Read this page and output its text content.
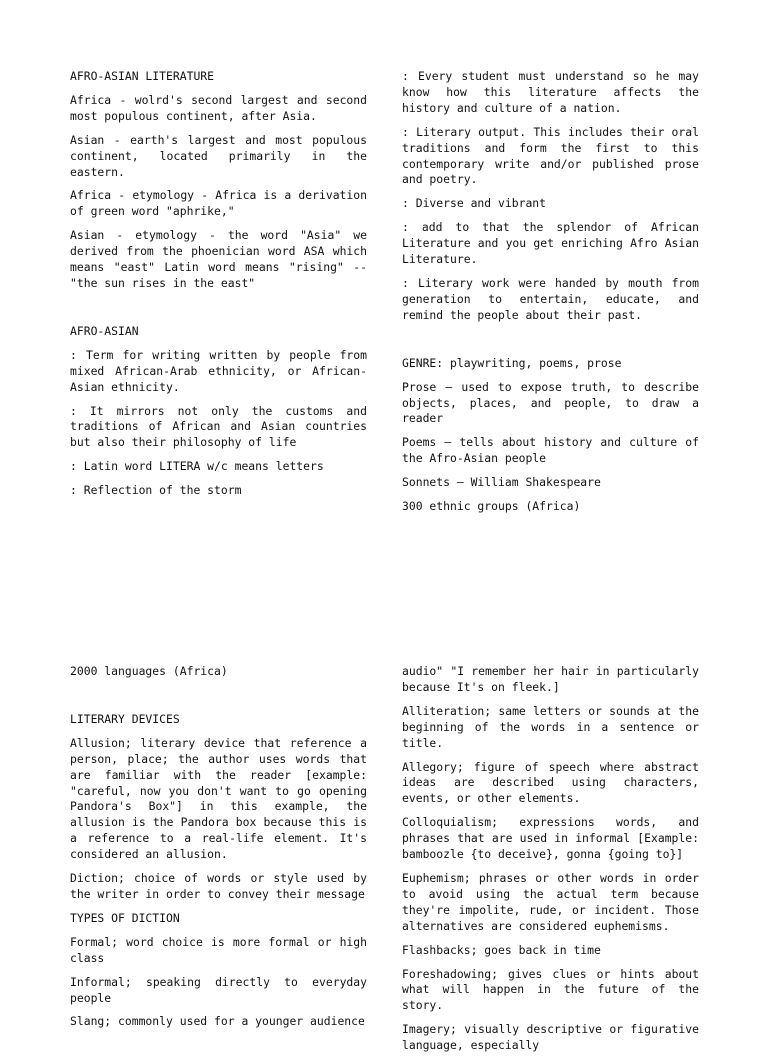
AFRO-ASIAN LITERATURE

Africa - wolrd's second largest and second most populous continent, after Asia.

Asian - earth's largest and most populous continent, located primarily in the eastern.

Africa - etymology - Africa is a derivation of green word "aphrike,"

Asian - etymology - the word "Asia" we derived from the phoenician word ASA which means "east" Latin word means "rising" -- "the sun rises in the east"

AFRO-ASIAN

: Term for writing written by people from mixed African-Arab ethnicity, or African-Asian ethnicity.

: It mirrors not only the customs and traditions of African and Asian countries but also their philosophy of life

: Latin word LITERA w/c means letters

: Reflection of the storm

: Every student must understand so he may know how this literature affects the history and culture of a nation.

: Literary output. This includes their oral traditions and form the first to this contemporary write and/or published prose and poetry.

: Diverse and vibrant

: add to that the splendor of African Literature and you get enriching Afro Asian Literature.

: Literary work were handed by mouth from generation to entertain, educate, and remind the people about their past.

GENRE: playwriting, poems, prose

Prose – used to expose truth, to describe objects, places, and people, to draw a reader

Poems – tells about history and culture of the Afro-Asian people

Sonnets – William Shakespeare

300 ethnic groups (Africa)

2000 languages (Africa)

LITERARY DEVICES

Allusion; literary device that reference a person, place; the author uses words that are familiar with the reader [example: "careful, now you don't want to go opening Pandora's Box"] in this example, the allusion is the Pandora box because this is a reference to a real-life element. It's considered an allusion.

Diction; choice of words or style used by the writer in order to convey their message

TYPES OF DICTION

Formal; word choice is more formal or high class

Informal; speaking directly to everyday people

Slang; commonly used for a younger audience

audio" "I remember her hair in particularly because It's on fleek.]

Alliteration; same letters or sounds at the beginning of the words in a sentence or title.

Allegory; figure of speech where abstract ideas are described using characters, events, or other elements.

Colloquialism; expressions words, and phrases that are used in informal [Example: bamboozle {to deceive}, gonna {going to}]

Euphemism; phrases or other words in order to avoid using the actual term because they're impolite, rude, or incident. Those alternatives are considered euphemisms.

Flashbacks; goes back in time

Foreshadowing; gives clues or hints about what will happen in the future of the story.

Imagery; visually descriptive or figurative language, especially
